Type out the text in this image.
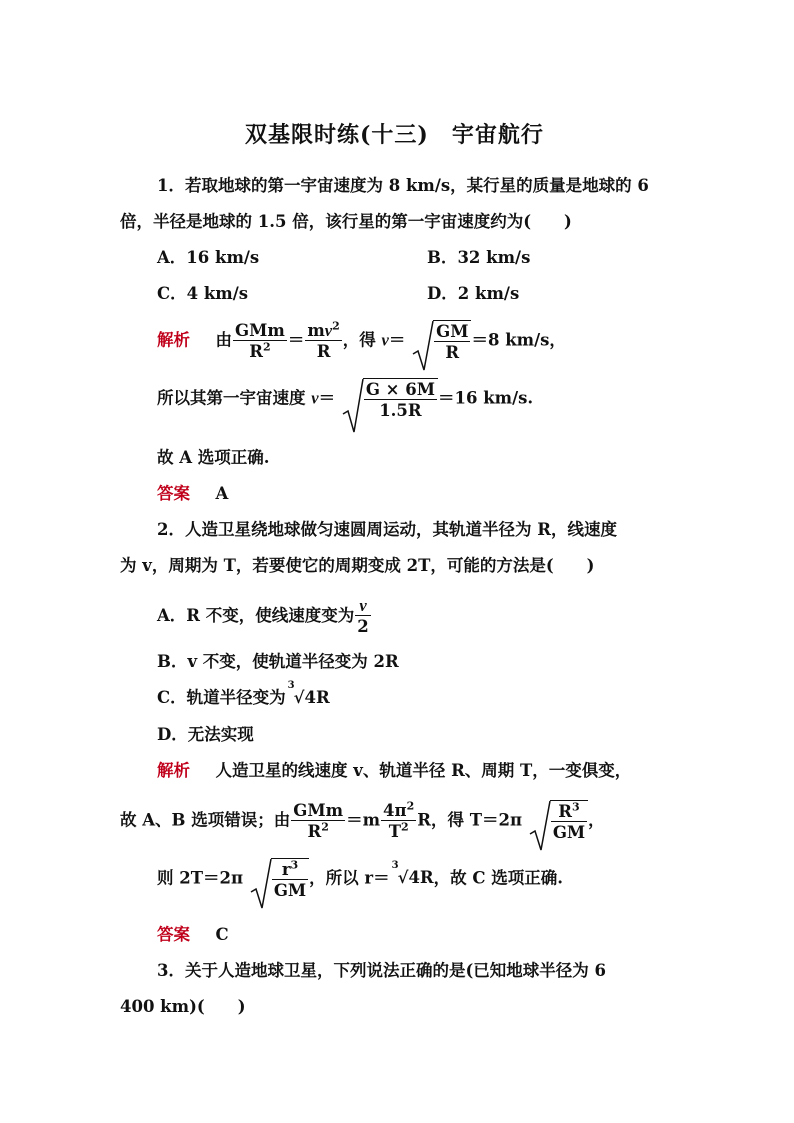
双基限时练(十三)　宇宙航行
1．若取地球的第一宇宙速度为 8 km/s，某行星的质量是地球的 6
倍，半径是地球的 1.5 倍，该行星的第一宇宙速度约为(　　)
A．16 km/s	B．32 km/s
C．4 km/s	D．2 km/s
解析 由 $\frac{\text{GMm}}{R^2} = \frac{mv^2}{R}$ ，得 $v= \frac{GM}{R} =8$ km/s，
所以其第一宇宙速度 $v= \frac{G \times 6M}{1.5R} =16$ km/s.
故 A 选项正确.
答案 A
2．人造卫星绕地球做匀速圆周运动，其轨道半径为 R，线速度
为 v，周期为 T，若要使它的周期变成 2T，可能的方法是(　　)
A．R 不变，使线速度变为 $\frac{v}{2}$
B．v 不变，使轨道半径变为 2R
C．轨道半径变为
3
√4R
D．无法实现
解析 人造卫星的线速度 v、轨道半径 R、周期 T，一变俱变，
故 A、B 选项错误；由 $\frac{\text{GMm}}{R^2} =m \frac{4\pi^2}{T^2}$ R，得 $T=2\pi \frac{R^3}{GM}$ ，
则 $2T=2\pi \frac{r^3}{GM}$ ，所以 r＝
3
√4R，故 C 选项正确.
答案 C
3．关于人造地球卫星，下列说法正确的是(已知地球半径为 6
400 km)(　　)
